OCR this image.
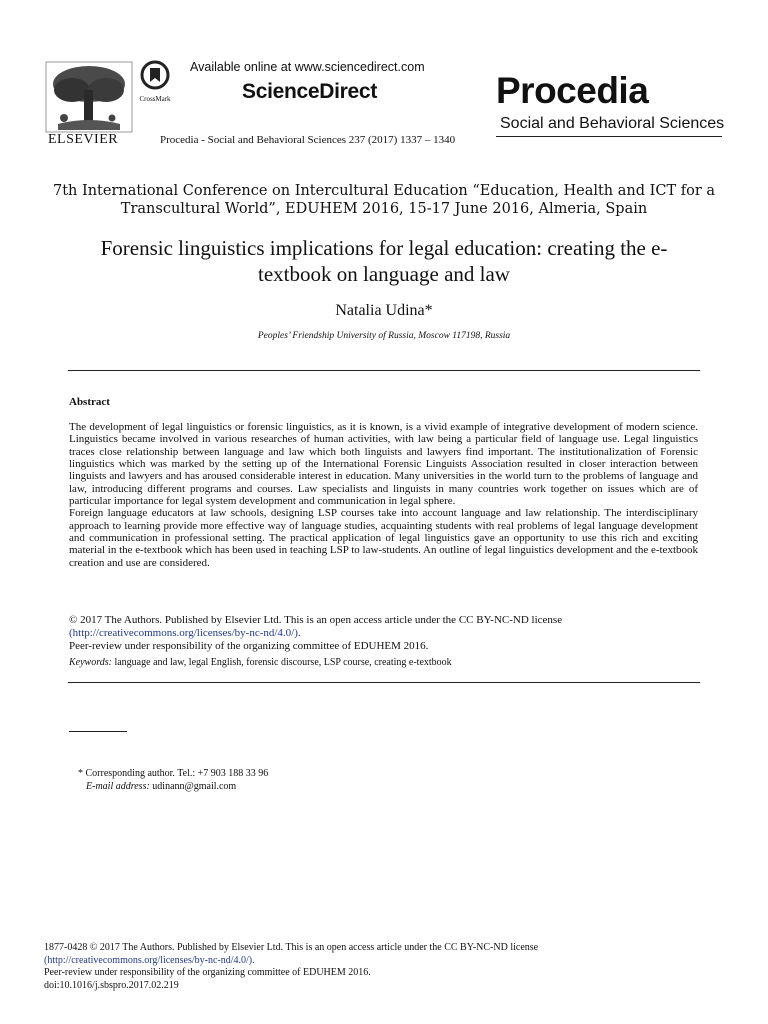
ELSEVIER
CrossMark
Available online at www.sciencedirect.com
ScienceDirect
Procedia - Social and Behavioral Sciences 237 (2017) 1337 – 1340
Procedia
Social and Behavioral Sciences
7th International Conference on Intercultural Education “Education, Health and ICT for a
Transcultural World”, EDUHEM 2016, 15-17 June 2016, Almeria, Spain
Forensic linguistics implications for legal education: creating the e-
textbook on language and law
Natalia Udina*
Peoples’ Friendship University of Russia, Moscow 117198, Russia
Abstract

The development of legal linguistics or forensic linguistics, as it is known, is a vivid example of integrative development of modern science. Linguistics became involved in various researches of human activities, with law being a particular field of language use. Legal linguistics traces close relationship between language and law which both linguists and lawyers find important. The institutionalization of Forensic linguistics which was marked by the setting up of the International Forensic Linguists Association resulted in closer interaction between linguists and lawyers and has aroused considerable interest in education. Many universities in the world turn to the problems of language and law, introducing different programs and courses. Law specialists and linguists in many countries work together on issues which are of particular importance for legal system development and communication in legal sphere.

Foreign language educators at law schools, designing LSP courses take into account language and law relationship. The interdisciplinary approach to learning provide more effective way of language studies, acquainting students with real problems of legal language development and communication in professional setting. The practical application of legal linguistics gave an opportunity to use this rich and exciting material in the e-textbook which has been used in teaching LSP to law-students. An outline of legal linguistics development and the e-textbook creation and use are considered.

© 2017 The Authors. Published by Elsevier Ltd. This is an open access article under the CC BY-NC-ND license
(http://creativecommons.org/licenses/by-nc-nd/4.0/).
Peer-review under responsibility of the organizing committee of EDUHEM 2016.
Keywords: language and law, legal English, forensic discourse, LSP course, creating e-textbook
* Corresponding author. Tel.: +7 903 188 33 96
E-mail address: udinann@gmail.com
1877-0428 © 2017 The Authors. Published by Elsevier Ltd. This is an open access article under the CC BY-NC-ND license
(http://creativecommons.org/licenses/by-nc-nd/4.0/).
Peer-review under responsibility of the organizing committee of EDUHEM 2016.
doi:10.1016/j.sbspro.2017.02.219
